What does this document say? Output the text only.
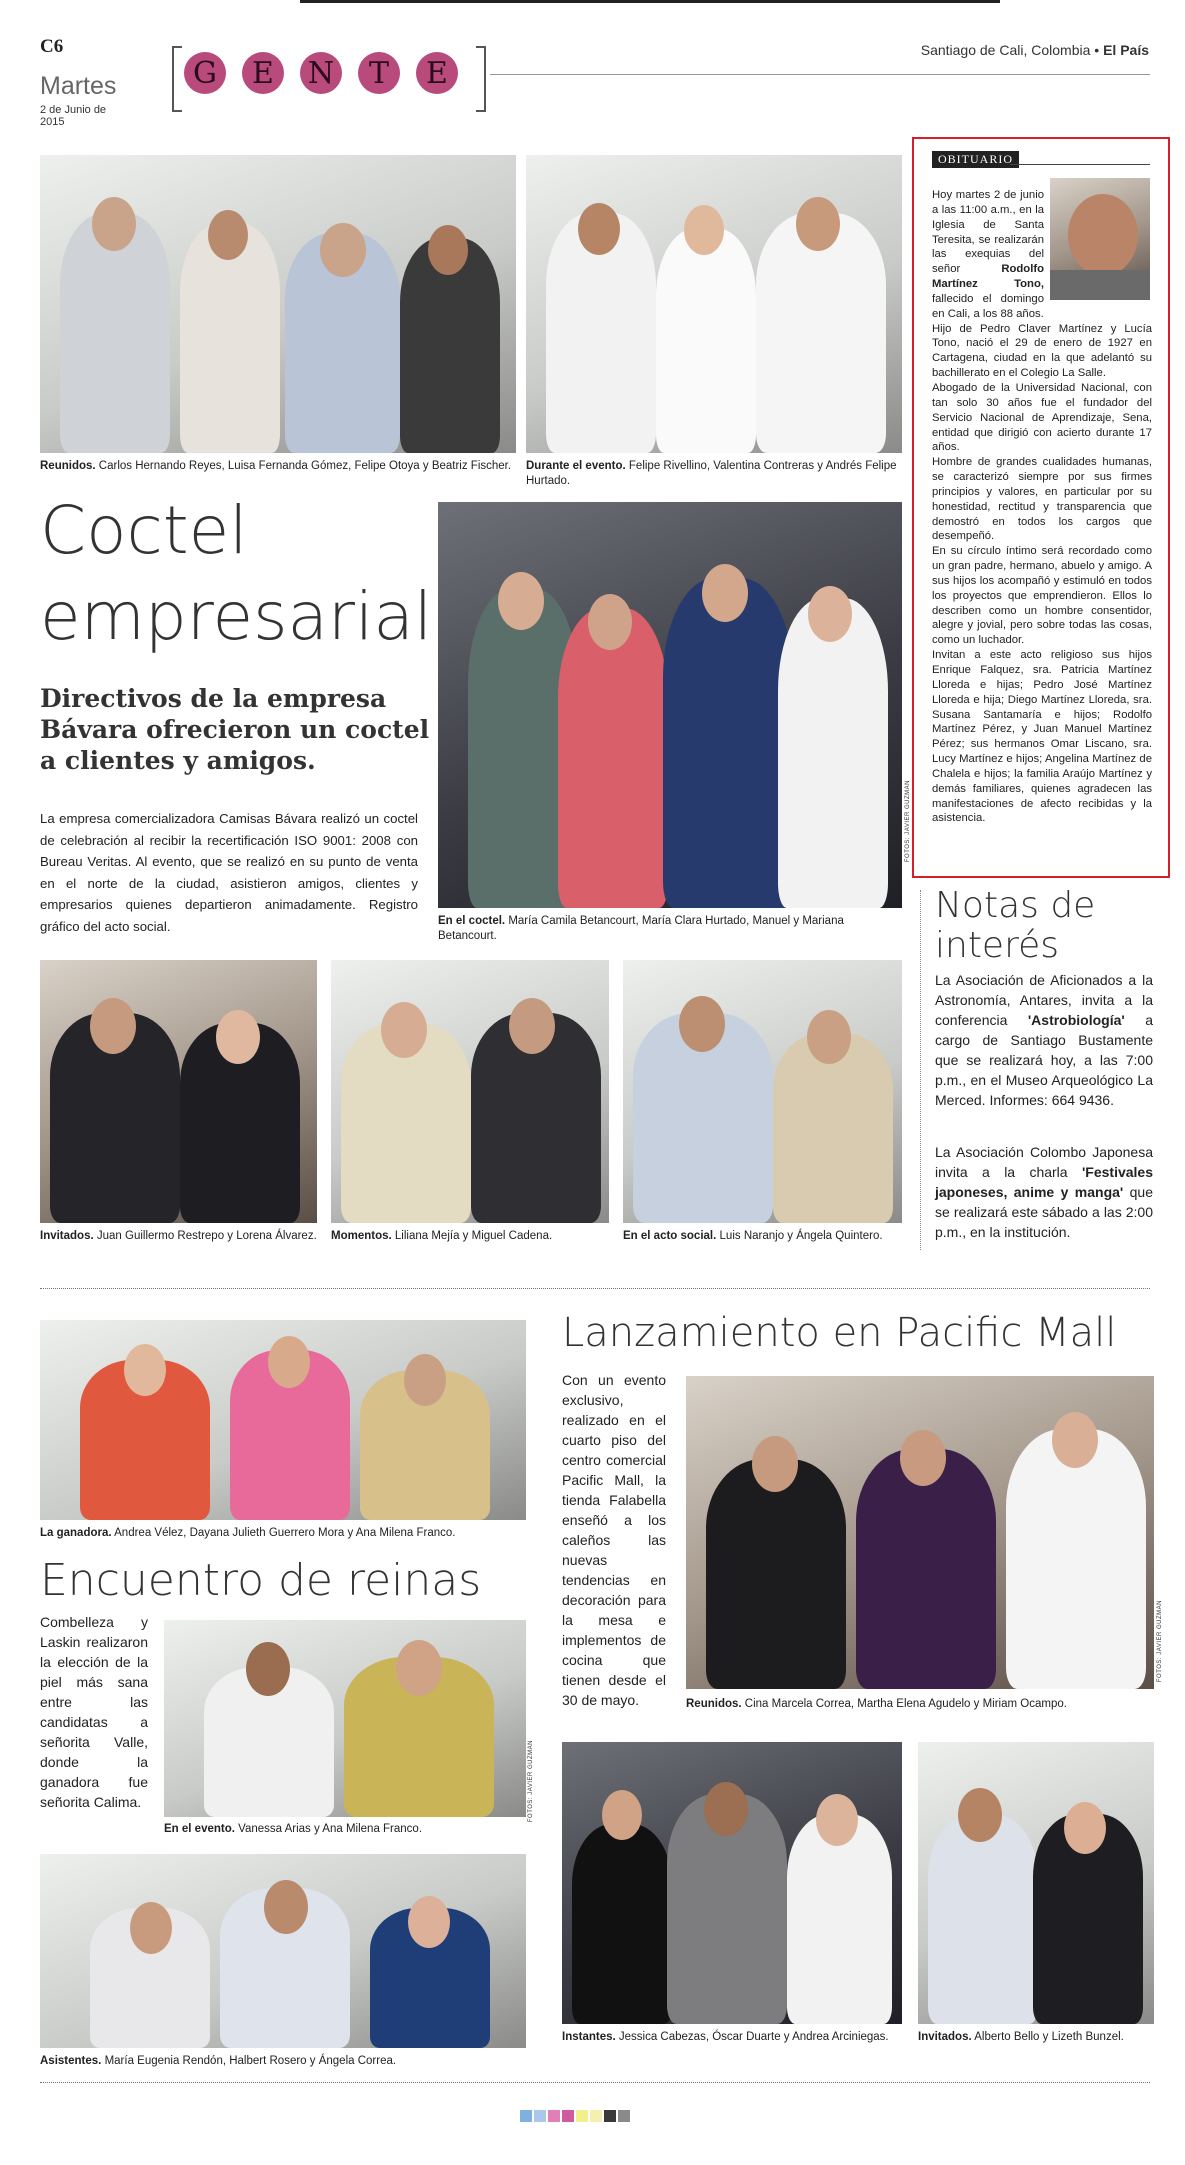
C6
Martes
2 de Junio de 2015
G	E	N	T	E
Santiago de Cali, Colombia • El País
Reunidos. Carlos Hernando Reyes, Luisa Fernanda Gómez, Felipe Otoya y Beatriz Fischer.	Durante el evento. Felipe Rivellino, Valentina Contreras y Andrés Felipe Hurtado.
OBITUARIO

Hoy martes 2 de junio a las 11:00 a.m., en la Iglesia de Santa Teresita, se realizarán las exequias del señor Rodolfo Martínez Tono, fallecido el domingo en Cali, a los 88 años.

Hijo de Pedro Claver Martínez y Lucía Tono, nació el 29 de enero de 1927 en Cartagena, ciudad en la que adelantó su bachillerato en el Colegio La Salle.

Abogado de la Universidad Nacional, con tan solo 30 años fue el fundador del Servicio Nacional de Aprendizaje, Sena, entidad que dirigió con acierto durante 17 años.

Hombre de grandes cualidades humanas, se caracterizó siempre por sus firmes principios y valores, en particular por su honestidad, rectitud y transparencia que demostró en todos los cargos que desempeñó.

En su círculo íntimo será recordado como un gran padre, hermano, abuelo y amigo. A sus hijos los acompañó y estimuló en todos los proyectos que emprendieron. Ellos lo describen como un hombre consentidor, alegre y jovial, pero sobre todas las cosas, como un luchador.

Invitan a este acto religioso sus hijos Enrique Falquez, sra. Patricia Martínez Lloreda e hijas; Pedro José Martínez Lloreda e hija; Diego Martínez Lloreda, sra. Susana Santamaría e hijos; Rodolfo Martínez Pérez, y Juan Manuel Martínez Pérez; sus hermanos Omar Liscano, sra. Lucy Martínez e hijos; Angelina Martínez de Chalela e hijos; la familia Araújo Martínez y demás familiares, quienes agradecen las manifestaciones de afecto recibidas y la asistencia.

Coctel
empresarial
Directivos de la empresa Bávara ofrecieron un coctel a clientes y amigos.
La empresa comercializadora Camisas Bávara realizó un coctel de celebración al recibir la recertificación ISO 9001: 2008 con Bureau Veritas. Al evento, que se realizó en su punto de venta en el norte de la ciudad, asistieron amigos, clientes y empresarios quienes departieron animadamente. Registro gráfico del acto social.
FOTOS: JAVIER GUZMÁN
En el coctel. María Camila Betancourt, María Clara Hurtado, Manuel y Mariana Betancourt.
Invitados. Juan Guillermo Restrepo y Lorena Álvarez. Momentos. Liliana Mejía y Miguel Cadena.	En el acto social. Luis Naranjo y Ángela Quintero.
Notas de
interés
La Asociación de Aficionados a la Astronomía, Antares, invita a la conferencia 'Astrobiología' a cargo de Santiago Bustamente que se realizará hoy, a las 7:00 p.m., en el Museo Arqueológico La Merced. Informes: 664 9436.
La Asociación Colombo Japonesa invita a la charla 'Festivales japoneses, anime y manga' que se realizará este sábado a las 2:00 p.m., en la institución.
La ganadora. Andrea Vélez, Dayana Julieth Guerrero Mora y Ana Milena Franco.
Encuentro de reinas
Combelleza y Laskin realizaron la elección de la piel más sana entre las candidatas a señorita Valle, donde la ganadora fue señorita Calima.	FOTOS: JAVIER GUZMÁN
En el evento. Vanessa Arias y Ana Milena Franco.
Asistentes. María Eugenia Rendón, Halbert Rosero y Ángela Correa.
Lanzamiento en Pacific Mall
Con un evento exclusivo, realizado en el cuarto piso del centro comercial Pacific Mall, la tienda Falabella enseñó a los caleños las nuevas tendencias en decoración para la mesa e implementos de cocina que tienen desde el 30 de mayo.
FOTOS: JAVIER GUZMÁN
Reunidos. Cina Marcela Correa, Martha Elena Agudelo y Miriam Ocampo.
Instantes. Jessica Cabezas, Óscar Duarte y Andrea Arciniegas.	Invitados. Alberto Bello y Lizeth Bunzel.
